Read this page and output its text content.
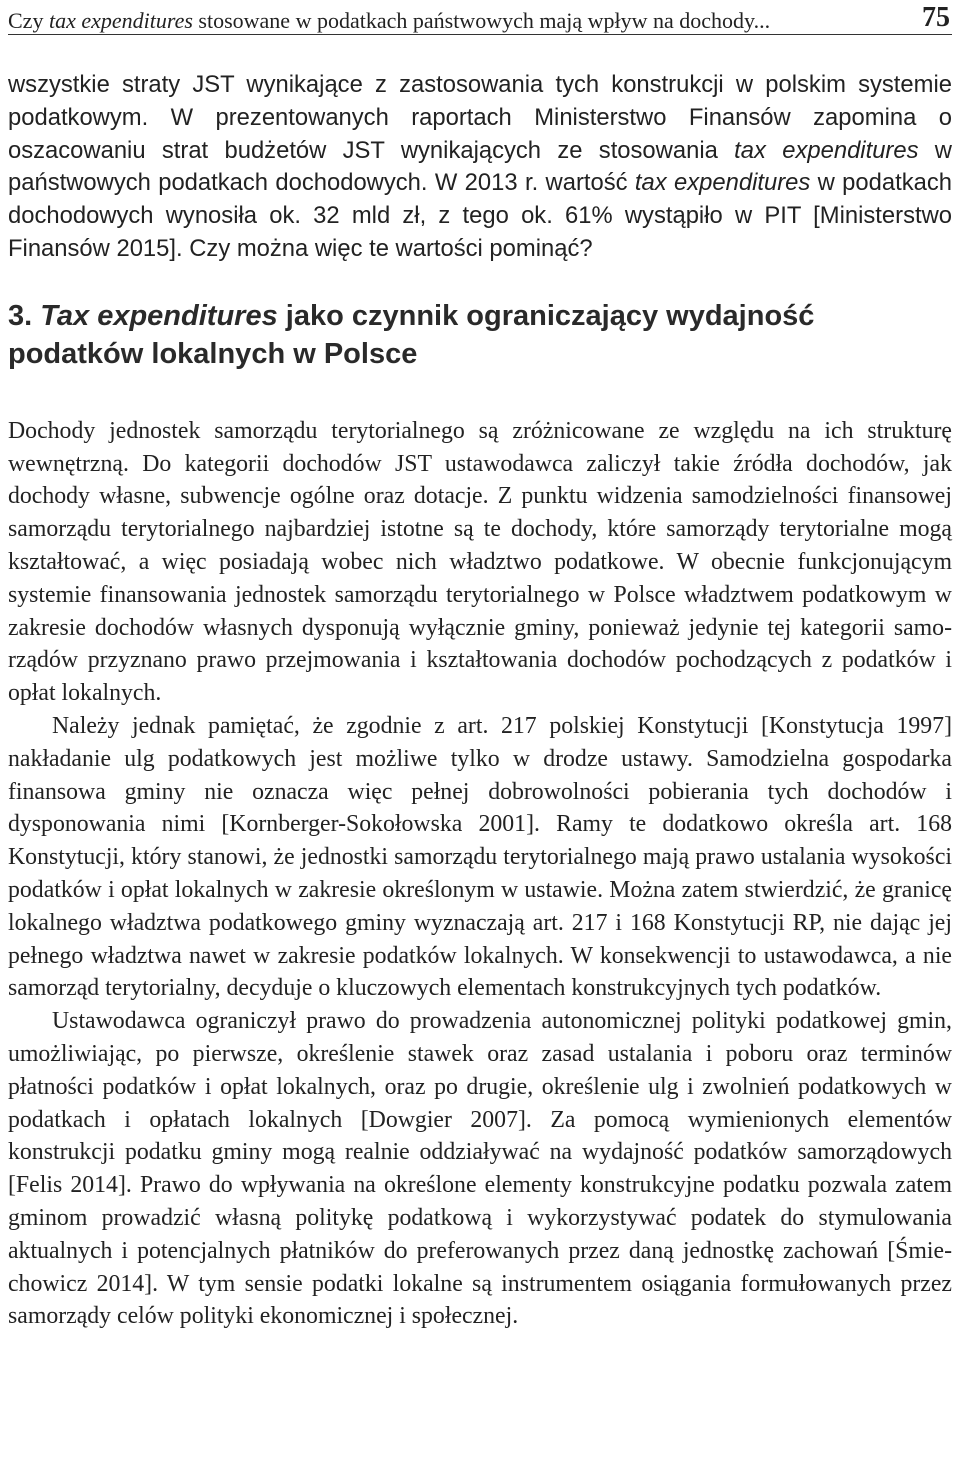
Czy tax expenditures stosowane w podatkach państwowych mają wpływ na dochody...	75

wszystkie straty JST wynikające z zastosowania tych konstrukcji w polskim systemie podatkowym. W prezentowanych raportach Ministerstwo Finansów zapomina o oszacowaniu strat budżetów JST wynikających ze stosowania tax expenditures w państwowych podatkach dochodowych. W 2013 r. wartość tax expenditures w podatkach dochodowych wynosiła ok. 32 mld zł, z tego ok. 61% wystąpiło w PIT [Ministerstwo Finansów 2015]. Czy można więc te wartości pominąć?

3. Tax expenditures jako czynnik ograniczający wydajność podatków lokalnych w Polsce

Dochody jednostek samorządu terytorialnego są zróżnicowane ze względu na ich strukturę wewnętrzną. Do kategorii dochodów JST ustawodawca zaliczył takie źródła dochodów, jak dochody własne, subwencje ogólne oraz dotacje. Z punktu widzenia samodzielności finansowej samorządu terytorialnego najbardziej istotne są te dochody, które samorządy terytorialne mogą kształtować, a więc posiadają wobec nich władztwo podatkowe. W obecnie funkcjonującym systemie finansowania jednostek samorządu terytorialnego w Polsce władztwem podatkowym w zakresie dochodów własnych dysponują wyłącznie gminy, ponieważ jedynie tej kategorii samorządów przyznano prawo przejmowania i kształtowania dochodów pochodzących z podatków i opłat lokalnych.

Należy jednak pamiętać, że zgodnie z art. 217 polskiej Konstytucji [Konstytucja 1997] nakładanie ulg podatkowych jest możliwe tylko w drodze ustawy. Samodzielna gospodarka finansowa gminy nie oznacza więc pełnej dobrowolności pobierania tych dochodów i dysponowania nimi [Kornberger-Sokołowska 2001]. Ramy te dodatkowo określa art. 168 Konstytucji, który stanowi, że jednostki samorządu terytorialnego mają prawo ustalania wysokości podatków i opłat lokalnych w zakresie określonym w ustawie. Można zatem stwierdzić, że granicę lokalnego władztwa podatkowego gminy wyznaczają art. 217 i 168 Konstytucji RP, nie dając jej pełnego władztwa nawet w zakresie podatków lokalnych. W konsekwencji to ustawodawca, a nie samorząd terytorialny, decyduje o kluczowych elementach konstrukcyjnych tych podatków.

Ustawodawca ograniczył prawo do prowadzenia autonomicznej polityki podatkowej gmin, umożliwiając, po pierwsze, określenie stawek oraz zasad ustalania i poboru oraz terminów płatności podatków i opłat lokalnych, oraz po drugie, określenie ulg i zwolnień podatkowych w podatkach i opłatach lokalnych [Dowgier 2007]. Za pomocą wymienionych elementów konstrukcji podatku gminy mogą realnie oddziaływać na wydajność podatków samorządowych [Felis 2014]. Prawo do wpływania na określone elementy konstrukcyjne podatku pozwala zatem gminom prowadzić własną politykę podatkową i wykorzystywać podatek do stymulowania aktualnych i potencjalnych płatników do preferowanych przez daną jednostkę zachowań [Śmiechowicz 2014]. W tym sensie podatki lokalne są instrumentem osiągania formułowanych przez samorządy celów polityki ekonomicznej i społecznej.
